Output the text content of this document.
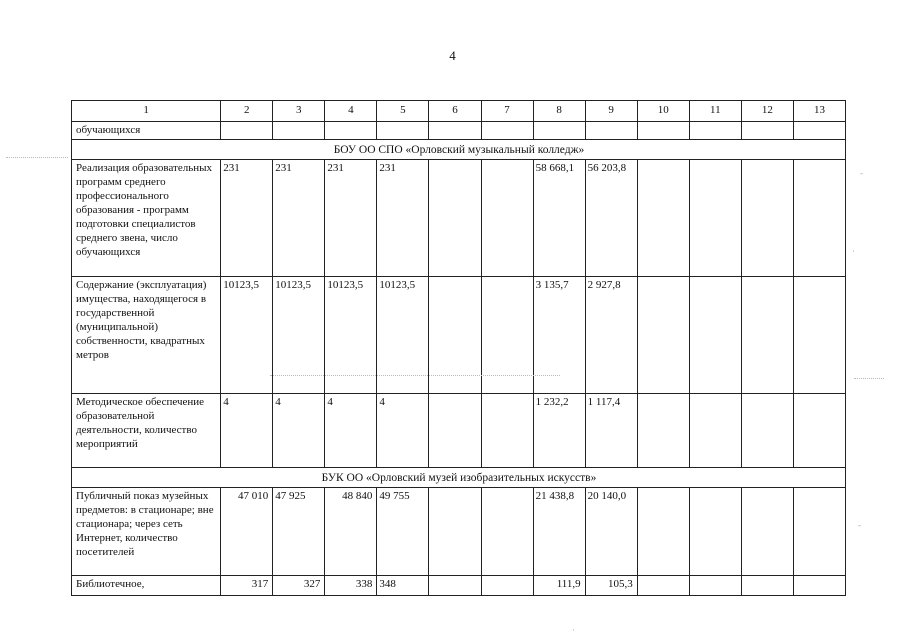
4
1	2	3	4	5	6	7	8	9	10	11	12	13
обучающихся												
БОУ ОО СПО «Орловский музыкальный колледж»												
Реализация образовательных программ среднего профессионального образования - программ подготовки специалистов среднего звена, число обучающихся	231	231	231	231			58 668,1	56 203,8				
Содержание (эксплуатация) имущества, находящегося в государственной (муниципальной) собственности, квадратных метров	10123,5	10123,5	10123,5	10123,5			3 135,7	2 927,8				
Методическое обеспечение образовательной деятельности, количество мероприятий	4	4	4	4			1 232,2	1 117,4				
БУК ОО «Орловский музей изобразительных искусств»												
Публичный показ музейных предметов: в стационаре; вне стационара; через сеть Интернет, количество посетителей	47 010	47 925	48 840	49 755			21 438,8	20 140,0				
Библиотечное,	317	327	338	348			111,9	105,3				
-
·
-
·
